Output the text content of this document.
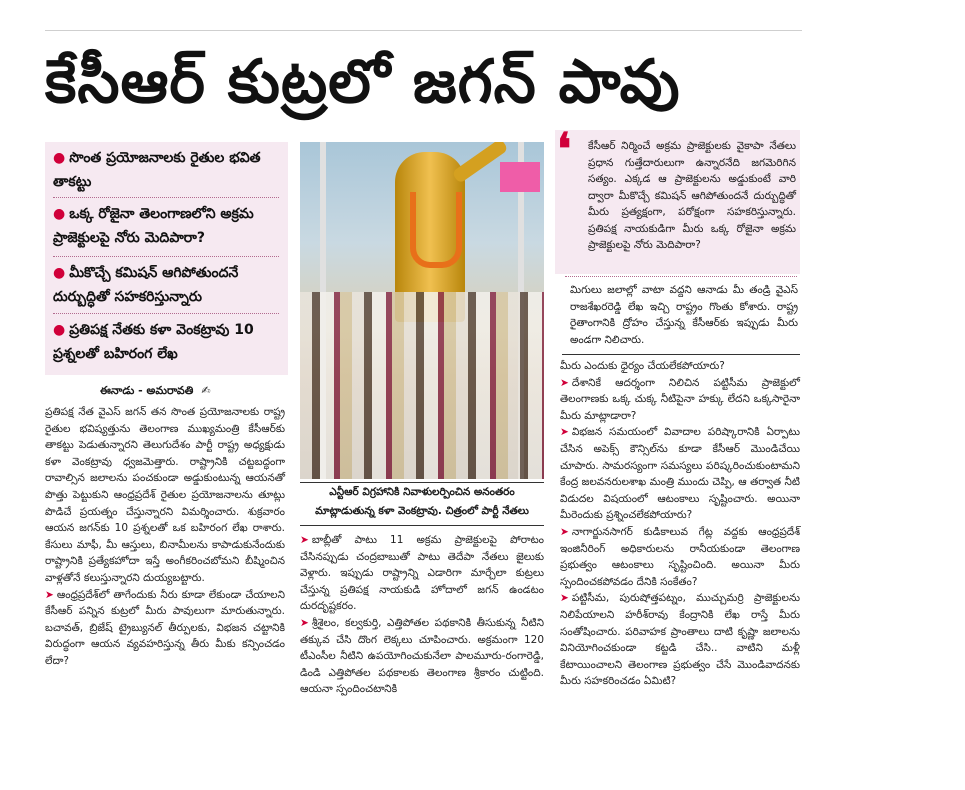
కేసీఆర్ కుట్రలో జగన్ పావు
● సొంత ప్రయోజనాలకు రైతుల భవిత తాకట్టు
● ఒక్క రోజైనా తెలంగాణలోని అక్రమ ప్రాజెక్టులపై నోరు మెదిపారా?
● మీకొచ్చే కమిషన్ ఆగిపోతుందనే దుర్బుద్ధితో సహకరిస్తున్నారు
● ప్రతిపక్ష నేతకు కళా వెంకట్రావు 10 ప్రశ్నలతో బహిరంగ లేఖ
ఈనాడు - అమరావతి ✍

ప్రతిపక్ష నేత వైఎస్ జగన్ తన సొంత ప్రయోజనాలకు రాష్ట్ర రైతుల భవిష్యత్తును తెలంగాణ ముఖ్యమంత్రి కేసీఆర్‌కు తాకట్టు పెడుతున్నారని తెలుగుదేశం పార్టీ రాష్ట్ర అధ్యక్షుడు కళా వెంకట్రావు ధ్వజమెత్తారు. రాష్ట్రానికి చట్టబద్ధంగా రావాల్సిన జలాలను పంచకుండా అడ్డుకుంటున్న ఆయనతో పొత్తు పెట్టుకుని ఆంధ్రప్రదేశ్ రైతుల ప్రయోజనాలను తూట్లు పొడిచే ప్రయత్నం చేస్తున్నారని విమర్శించారు. శుక్రవారం ఆయన జగన్‌కు 10 ప్రశ్నలతో ఒక బహిరంగ లేఖ రాశారు. కేసులు మాఫీ, మీ ఆస్తులు, బినామీలను కాపాడుకునేందుకు రాష్ట్రానికి ప్రత్యేకహోదా ఇస్తే అంగీకరించబోమని బీష్మించిన వాళ్లతోనే కలుస్తున్నారని దుయ్యబట్టారు.

➤ ఆంధ్రప్రదేశ్‌లో తాగేందుకు నీరు కూడా లేకుండా చేయాలని కేసీఆర్ పన్నిన కుట్రలో మీరు పావులుగా మారుతున్నారు. బచావత్, బ్రిజేష్ ట్రైబ్యునల్ తీర్పులకు, విభజన చట్టానికి విరుద్ధంగా ఆయన వ్యవహరిస్తున్న తీరు మీకు కన్పించడం లేదా?

ఎన్టీఆర్ విగ్రహానికి నివాళులర్పించిన అనంతరం మాట్లాడుతున్న కళా వెంకట్రావు. చిత్రంలో పార్టీ నేతలు

➤ బాబ్లీతో పాటు 11 అక్రమ ప్రాజెక్టులపై పోరాటం చేసినప్పుడు చంద్రబాబుతో పాటు తెదేపా నేతలు జైలుకు వెళ్లారు. ఇప్పుడు రాష్ట్రాన్ని ఎడారిగా మార్చేలా కుట్రలు చేస్తున్న ప్రతిపక్ష నాయకుడి హోదాలో జగన్ ఉండటం దురదృష్టకరం.

➤ శ్రీశైలం, కల్వకుర్తి, ఎత్తిపోతల పథకానికి తీసుకున్న నీటిని తక్కువ చేసి దొంగ లెక్కలు చూపించారు. అక్రమంగా 120 టీఎంసీల నీటిని ఉపయోగించుకునేలా పాలమూరు-రంగారెడ్డి, డిండి ఎత్తిపోతల పథకాలకు తెలంగాణ శ్రీకారం చుట్టింది. ఆయనా స్పందించటానికి

❛ కేసీఆర్ నిర్మించే అక్రమ ప్రాజెక్టులకు వైకాపా నేతలు ప్రధాన గుత్తేదారులుగా ఉన్నారనేది జగమెరిగిన సత్యం. ఎక్కడ ఆ ప్రాజెక్టులను అడ్డుకుంటే వారి ద్వారా మీకొచ్చే కమిషన్ ఆగిపోతుందనే దుర్బుద్ధితో మీరు ప్రత్యక్షంగా, పరోక్షంగా సహకరిస్తున్నారు. ప్రతిపక్ష నాయకుడిగా మీరు ఒక్క రోజైనా అక్రమ ప్రాజెక్టులపై నోరు మెదిపారా?
మిగులు జలాల్లో వాటా వద్దని ఆనాడు మీ తండ్రి వైఎస్ రాజశేఖరరెడ్డి లేఖ ఇచ్చి రాష్ట్రం గొంతు కోశారు. రాష్ట్ర రైతాంగానికి ద్రోహం చేస్తున్న కేసీఆర్‌కు ఇప్పుడు మీరు అండగా నిలిచారు.

మీరు ఎందుకు ధైర్యం చేయలేకపోయారు?

➤ దేశానికే ఆదర్శంగా నిలిచిన పట్టిసీమ ప్రాజెక్టులో తెలంగాణకు ఒక్క చుక్క నీటిపైనా హక్కు లేదని ఒక్కసారైనా మీరు మాట్లాడారా?

➤ విభజన సమయంలో వివాదాల పరిష్కారానికి ఏర్పాటు చేసిన అపెక్స్ కౌన్సిల్‌ను కూడా కేసీఆర్ మొండిచేయి చూపారు. సామరస్యంగా సమస్యలు పరిష్కరించుకుంటామని కేంద్ర జలవనరులశాఖ మంత్రి ముందు చెప్పి, ఆ తర్వాత నీటి విడుదల విషయంలో ఆటంకాలు సృష్టించారు. అయినా మీరెందుకు ప్రశ్నించలేకపోయారు?

➤ నాగార్జునసాగర్ కుడికాలువ గేట్ల వద్దకు ఆంధ్రప్రదేశ్ ఇంజినీరింగ్ అధికారులను రానీయకుండా తెలంగాణ ప్రభుత్వం ఆటంకాలు సృష్టించింది. అయినా మీరు స్పందించకపోవడం దేనికి సంకేతం?

➤ పట్టిసీమ, పురుషోత్తపట్నం, ముచ్చుమర్రి ప్రాజెక్టులను నిలిపేయాలని హరీశ్‌రావు కేంద్రానికి లేఖ రాస్తే మీరు సంతోషించారు. పరివాహక ప్రాంతాలు దాటి కృష్ణా జలాలను వినియోగించకుండా కట్టడి చేసి.. వాటిని మళ్లీ కేటాయించాలని తెలంగాణ ప్రభుత్వం చేసే మొండివాదనకు మీరు సహకరించడం ఏమిటి?
